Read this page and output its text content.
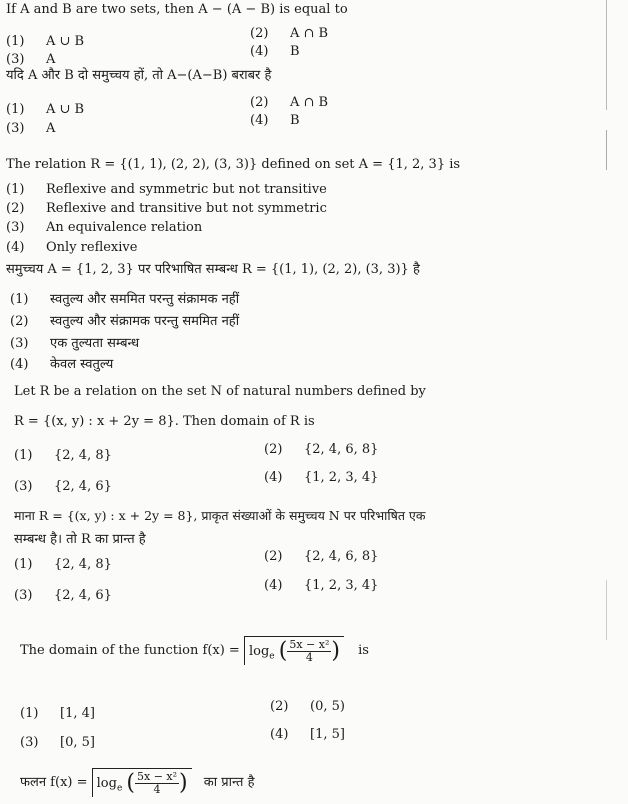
If A and B are two sets, then A − (A − B) is equal to
(1) A ∪ B
(2) A ∩ B
(3) A
(4) B
यदि A और B दो समुच्चय हों, तो A−(A−B) बराबर है
(1) A ∪ B	(2) A ∩ B
(3) A
(4) B
The relation R = {(1, 1), (2, 2), (3, 3)} defined on set A = {1, 2, 3} is
(1) Reflexive and symmetric but not transitive
(2) Reflexive and transitive but not symmetric
(3) An equivalence relation
(4) Only reflexive
समुच्चय A = {1, 2, 3} पर परिभाषित सम्बन्ध R = {(1, 1), (2, 2), (3, 3)} है
(1) स्वतुल्य और सममित परन्तु संक्रामक नहीं
(2) स्वतुल्य और संक्रामक परन्तु सममित नहीं
(3) एक तुल्यता सम्बन्ध
(4) केवल स्वतुल्य
Let R be a relation on the set N of natural numbers defined by
R = {(x, y) : x + 2y = 8}. Then domain of R is
(1) {2, 4, 8}	(2) {2, 4, 6, 8}
(3) {2, 4, 6}
(4) {1, 2, 3, 4}
माना R = {(x, y) : x + 2y = 8}, प्राकृत संख्याओं के समुच्चय N पर परिभाषित एक
सम्बन्ध है। तो R का प्रान्त है
(1) {2, 4, 8}
(2) {2, 4, 6, 8}
(3) {2, 4, 6}
(4) {1, 2, 3, 4}
The domain of the function $f(x) = \log_e$ ( $\frac{\text{5x − x²}}{4}$ ) is
(1) [1, 4]	(2) (0, 5)
(3) [0, 5]
(4) [1, 5]
फलन $f(x) = \log_e$ ( $\frac{\text{5x − x²}}{4}$ ) का प्रान्त है
